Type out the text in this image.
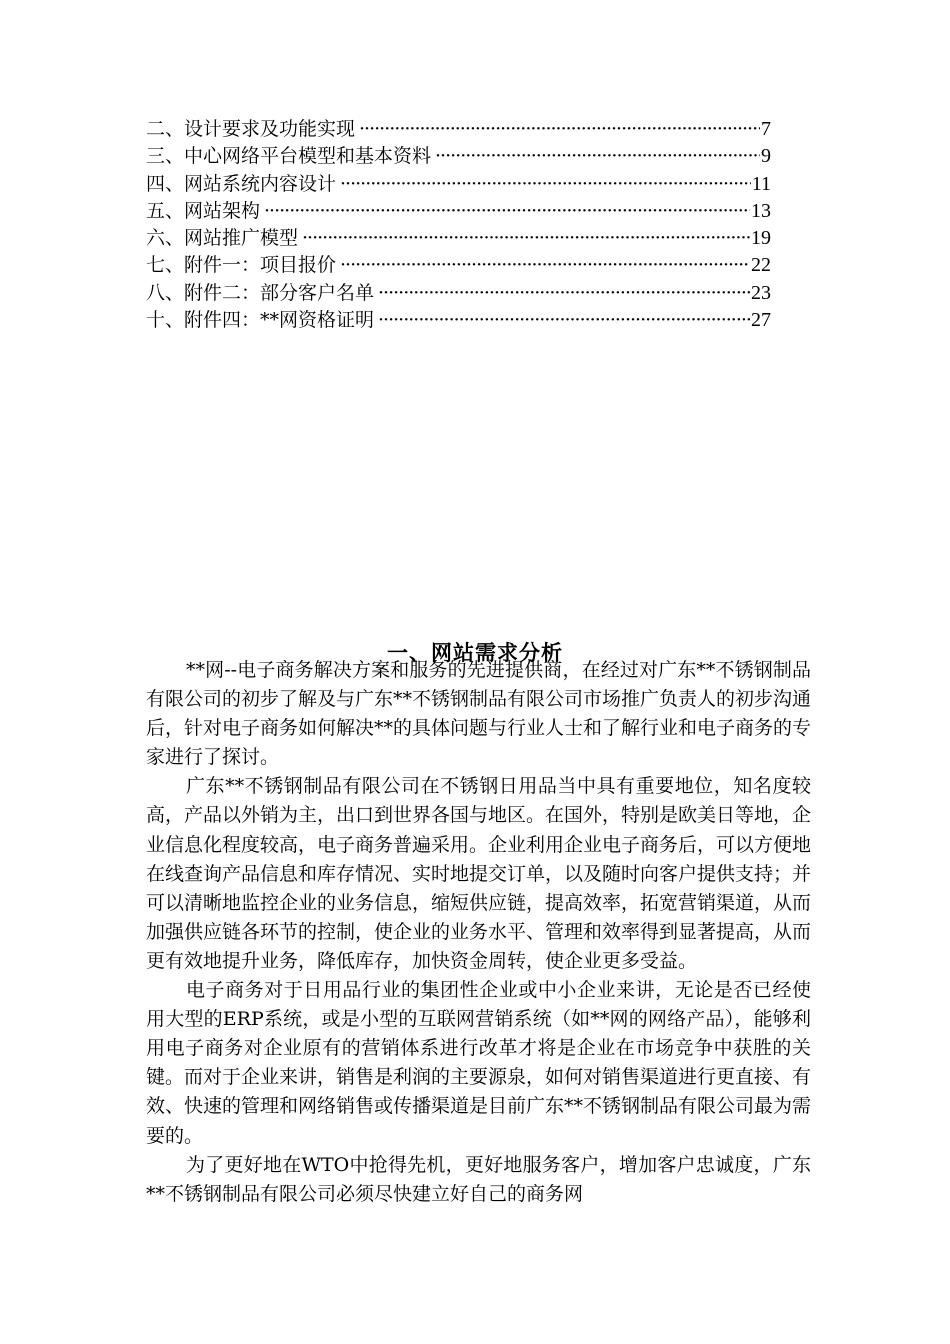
二、设计要求及功能实现 ·····	7
三、中心网络平台模型和基本资料 ·····	9
四、网站系统内容设计 ·····	11
五、网站架构 ·····	13
六、网站推广模型 ·····	19
七、附件一：项目报价 ·····	22
八、附件二：部分客户名单 ·····	23
十、附件四：**网资格证明 ·····	27
一、网站需求分析

**网--电子商务解决方案和服务的先进提供商，在经过对广东**不锈钢制品有限公司的初步了解及与广东**不锈钢制品有限公司市场推广负责人的初步沟通后，针对电子商务如何解决**的具体问题与行业人士和了解行业和电子商务的专家进行了探讨。

广东**不锈钢制品有限公司在不锈钢日用品当中具有重要地位，知名度较高，产品以外销为主，出口到世界各国与地区。在国外，特别是欧美日等地，企业信息化程度较高，电子商务普遍采用。企业利用企业电子商务后，可以方便地在线查询产品信息和库存情况、实时地提交订单，以及随时向客户提供支持；并可以清晰地监控企业的业务信息，缩短供应链，提高效率，拓宽营销渠道，从而加强供应链各环节的控制，使企业的业务水平、管理和效率得到显著提高，从而更有效地提升业务，降低库存，加快资金周转，使企业更多受益。

电子商务对于日用品行业的集团性企业或中小企业来讲，无论是否已经使用大型的ERP系统，或是小型的互联网营销系统（如**网的网络产品），能够利用电子商务对企业原有的营销体系进行改革才将是企业在市场竞争中获胜的关键。而对于企业来讲，销售是利润的主要源泉，如何对销售渠道进行更直接、有效、快速的管理和网络销售或传播渠道是目前广东**不锈钢制品有限公司最为需要的。

为了更好地在WTO中抢得先机，更好地服务客户，增加客户忠诚度，广东**不锈钢制品有限公司必须尽快建立好自己的商务网
